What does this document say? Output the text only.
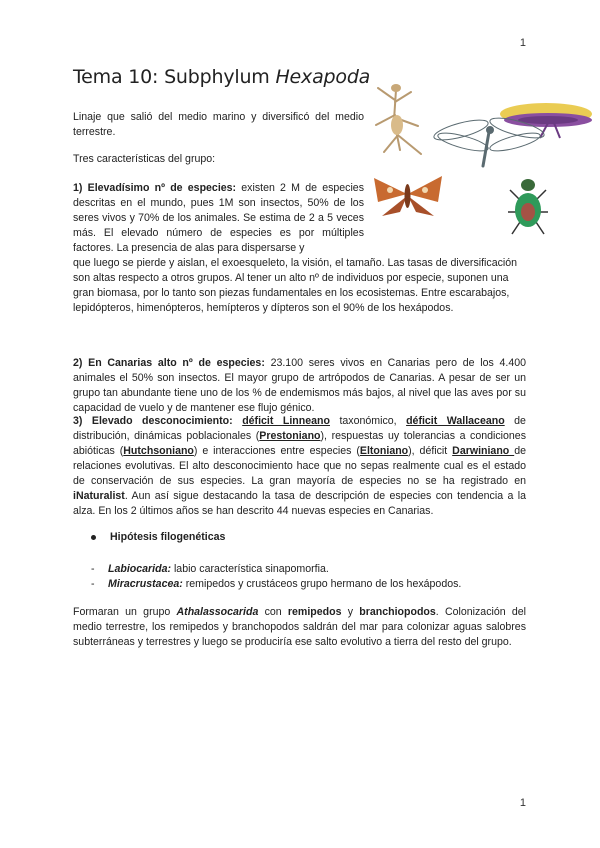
1
Tema 10: Subphylum Hexapoda

Linaje que salió del medio marino y diversificó del medio terrestre.

Tres características del grupo:

1) Elevadísimo nº de especies: existen 2 M de especies descritas en el mundo, pues 1M son insectos, 50% de los seres vivos y 70% de los animales. Se estima de 2 a 5 veces más. El elevado número de especies es por múltiples factores. La presencia de alas para dispersarse y

que luego se pierde y aislan, el exoesqueleto, la visión, el tamaño. Las tasas de diversificación son altas respecto a otros grupos. Al tener un alto nº de individuos por especie, suponen una gran biomasa, por lo tanto son piezas fundamentales en los ecosistemas. Entre escarabajos, lepidópteros, himenópteros, hemípteros y dípteros son el 90% de los hexápodos.

2) En Canarias alto nº de especies: 23.100 seres vivos en Canarias pero de los 4.400 animales el 50% son insectos. El mayor grupo de artrópodos de Canarias. A pesar de ser un grupo tan abundante tiene uno de los % de endemismos más bajos, al nivel que las aves por su capacidad de vuelo y de mantener ese flujo génico.

3) Elevado desconocimiento: déficit Linneano taxonómico, déficit Wallaceano de distribución, dinámicas poblacionales (Prestoniano), respuestas uy tolerancias a condiciones abióticas (Hutchsoniano) e interacciones entre especies (Eltoniano), déficit Darwiniano de relaciones evolutivas. El alto desconocimiento hace que no sepas realmente cual es el estado de conservación de sus especies. La gran mayoría de especies no se ha registrado en iNaturalist. Aun así sigue destacando la tasa de descripción de especies con tendencia a la alza. En los 2 últimos años se han descrito 44 nuevas especies en Canarias.

Hipótesis filogenéticas
- Labiocarida: labio característica sinapomorfia.
- Miracrustacea: remipedos y crustáceos grupo hermano de los hexápodos.

Formaran un grupo Athalassocarida con remipedos y branchiopodos. Colonización del medio terrestre, los remipedos y branchopodos saldrán del mar para colonizar aguas salobres subterráneas y terrestres y luego se produciría ese salto evolutivo a tierra del resto del grupo.

1
